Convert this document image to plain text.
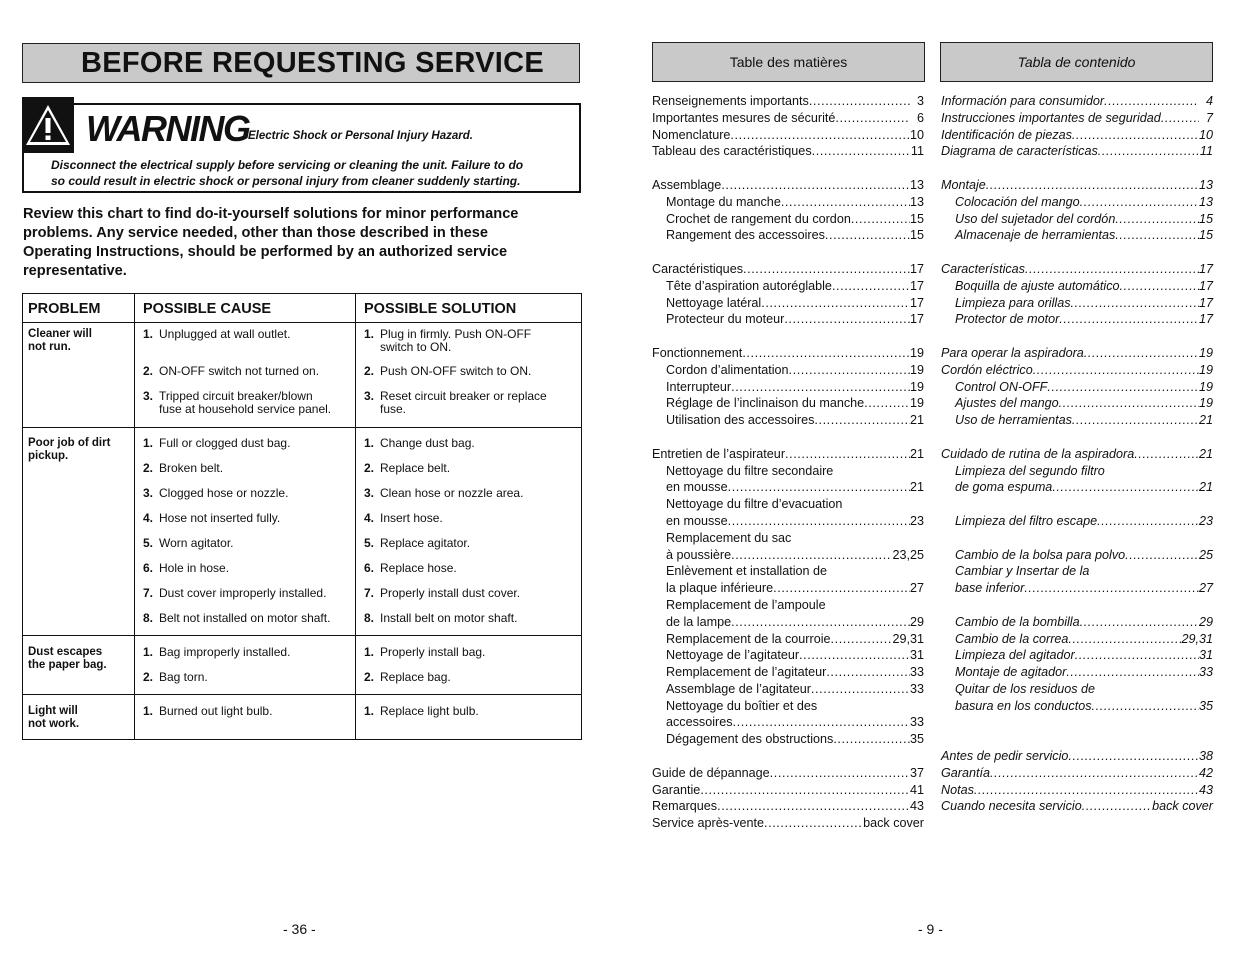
BEFORE REQUESTING SERVICE
WARNING
Electric Shock or Personal Injury Hazard.
Disconnect the electrical supply before servicing or cleaning the unit. Failure to do
so could result in electric shock or personal injury from cleaner suddenly starting.
Review this chart to find do-it-yourself solutions for minor performance
problems. Any service needed, other than those described in these
Operating Instructions, should be performed by an authorized service
representative.
PROBLEM	POSSIBLE CAUSE	POSSIBLE SOLUTION
Cleaner will
not run.
1. Unplugged at wall outlet.	1. Plug in firmly. Push ON-OFF
switch to ON.
2. ON-OFF switch not turned on.	2. Push ON-OFF switch to ON.
3. Tripped circuit breaker/blown
fuse at household service panel.
3. Reset circuit breaker or replace
fuse.
Poor job of dirt
pickup.
1. Full or clogged dust bag.	1. Change dust bag.
2. Broken belt.	2. Replace belt.
3. Clogged hose or nozzle.	3. Clean hose or nozzle area.
4. Hose not inserted fully.	4. Insert hose.
5. Worn agitator.	5. Replace agitator.
6. Hole in hose.	6. Replace hose.
7. Dust cover improperly installed.	7. Properly install dust cover.
8. Belt not installed on motor shaft.	8. Install belt on motor shaft.
Dust escapes
the paper bag.
1. Bag improperly installed.	1. Properly install bag.
2. Bag torn.	2. Replace bag.
Light will
not work.
1. Burned out light bulb.	1. Replace light bulb.
- 36 -
Table des matières	Tabla de contenido
Renseignements importants .....	3
Importantes mesures de sécurité .....	6
Nomenclature .....	10
Tableau des caractéristiques .....	11
Assemblage .....	13
Montage du manche .....	13
Crochet de rangement du cordon .....	15
Rangement des accessoires .....	15
Caractéristiques .....	17
Tête d’aspiration autoréglable .....	17
Nettoyage latéral .....	17
Protecteur du moteur .....	17
Fonctionnement .....	19
Cordon d’alimentation .....	19
Interrupteur .....	19
Réglage de l’inclinaison du manche .....	19
Utilisation des accessoires .....	21
Entretien de l’aspirateur .....	21
Nettoyage du filtre secondaire
en mousse .....	21
Nettoyage du filtre d’evacuation
en mousse .....	23
Remplacement du sac
à poussière .....	23,25
Enlèvement et installation de
la plaque inférieure .....	27
Remplacement de l’ampoule
de la lampe .....	29
Remplacement de la courroie .....	29,31
Nettoyage de l’agitateur .....	31
Remplacement de l’agitateur .....	33
Assemblage de l’agitateur .....	33
Nettoyage du boîtier et des
accessoires .....	33
Dégagement des obstructions .....	35
Guide de dépannage .....	37
Garantie .....	41
Remarques .....	43
Service après-vente .....	back cover
Información para consumidor .....	4
Instrucciones importantes de seguridad .....	7
Identificación de piezas .....	10
Diagrama de características .....	11
Montaje .....	13
Colocación del mango .....	13
Uso del sujetador del cordón .....	15
Almacenaje de herramientas .....	15
Características .....	17
Boquilla de ajuste automático .....	17
Limpieza para orillas .....	17
Protector de motor .....	17
Para operar la aspiradora .....	19
Cordón eléctrico .....	19
Control ON-OFF .....	19
Ajustes del mango .....	19
Uso de herramientas .....	21
Cuidado de rutina de la aspiradora .....	21
Limpieza del segundo filtro
de goma espuma .....	21
Limpieza del filtro escape .....	23
Cambio de la bolsa para polvo .....	25
Cambiar y Insertar de la
base inferior .....	27
Cambio de la bombilla .....	29
Cambio de la correa .....	29,31
Limpieza del agitador .....	31
Montaje de agitador .....	33
Quitar de los residuos de
basura en los conductos .....	35
Antes de pedir servicio .....	38
Garantía .....	42
Notas .....	43
Cuando necesita servicio .....	back cover
- 9 -
